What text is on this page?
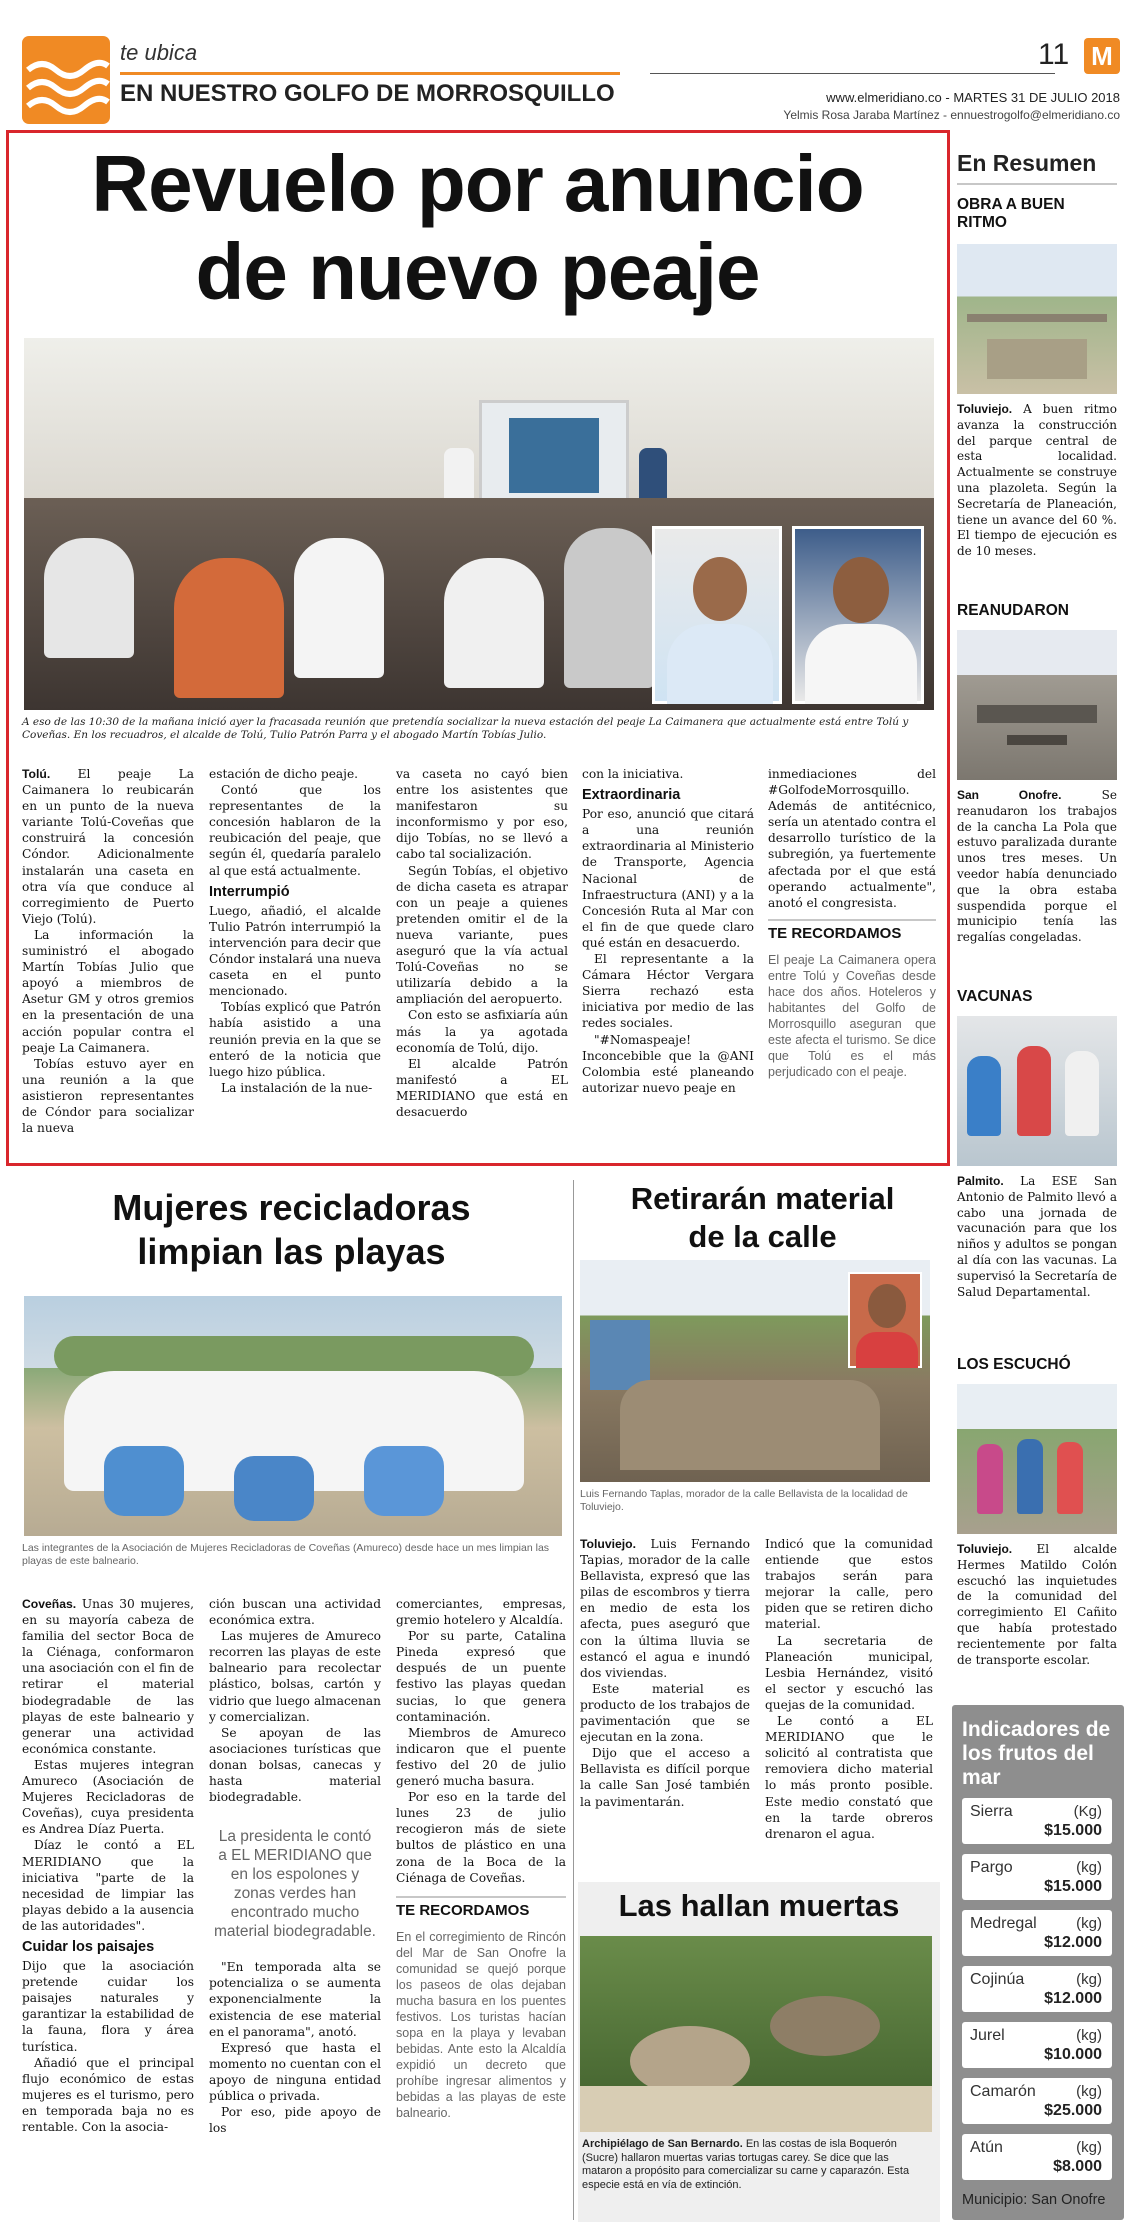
te ubica
EN NUESTRO GOLFO DE MORROSQUILLO
11 M
www.elmeridiano.co - MARTES 31 DE JULIO 2018
Yelmis Rosa Jaraba Martínez - ennuestrogolfo@elmeridiano.co
Revuelo por anuncio
de nuevo peaje
A eso de las 10:30 de la mañana inició ayer la fracasada reunión que pretendía socializar la nueva estación del peaje La Caimanera que actualmente está entre Tolú y Coveñas. En los recuadros, el alcalde de Tolú, Tulio Patrón Parra y el abogado Martín Tobías Julio.

Tolú. El peaje La Caimanera lo reubicarán en un punto de la nueva variante Tolú-Coveñas que construirá la concesión Cóndor. Adicionalmente instalarán una caseta en otra vía que conduce al corregimiento de Puerto Viejo (Tolú).

La información la suministró el abogado Martín Tobías Julio que apoyó a miembros de Asetur GM y otros gremios en la presentación de una acción popular contra el peaje La Caimanera.

Tobías estuvo ayer en una reunión a la que asistieron representantes de Cóndor para socializar la nueva

estación de dicho peaje.

Contó que los representantes de la concesión hablaron de la reubicación del peaje, que según él, quedaría paralelo al que está actualmente.

Interrumpió

Luego, añadió, el alcalde Tulio Patrón interrumpió la intervención para decir que Cóndor instalará una nueva caseta en el punto mencionado.

Tobías explicó que Patrón había asistido a una reunión previa en la que se enteró de la noticia que luego hizo pública.

La instalación de la nue-

va caseta no cayó bien entre los asistentes que manifestaron su inconformismo y por eso, dijo Tobías, no se llevó a cabo tal socialización.

Según Tobías, el objetivo de dicha caseta es atrapar con un peaje a quienes pretenden omitir el de la nueva variante, pues aseguró que la vía actual Tolú-Coveñas no se utilizaría debido a la ampliación del aeropuerto.

Con esto se asfixiaría aún más la ya agotada economía de Tolú, dijo.

El alcalde Patrón manifestó a EL MERIDIANO que está en desacuerdo

con la iniciativa.

Extraordinaria

Por eso, anunció que citará a una reunión extraordinaria al Ministerio de Transporte, Agencia Nacional de Infraestructura (ANI) y a la Concesión Ruta al Mar con el fin de que quede claro qué están en desacuerdo.

El representante a la Cámara Héctor Vergara Sierra rechazó esta iniciativa por medio de las redes sociales.

"#Nomaspeaje! Inconcebible que la @ANI Colombia esté planeando autorizar nuevo peaje en

inmediaciones del #GolfodeMorrosquillo. Además de antitécnico, sería un atentado contra el desarrollo turístico de la subregión, ya fuertemente afectada por el que está operando actualmente", anotó el congresista.

TE RECORDAMOS
El peaje La Caimanera opera entre Tolú y Coveñas desde hace dos años. Hoteleros y habitantes del Golfo de Morrosquillo aseguran que este afecta el turismo. Se dice que Tolú es el más perjudicado con el peaje.
En Resumen
OBRA A BUEN RITMO
Toluviejo. A buen ritmo avanza la construcción del parque central de esta localidad. Actualmente se construye una plazoleta. Según la Secretaría de Planeación, tiene un avance del 60 %. El tiempo de ejecución es de 10 meses.
REANUDARON
San Onofre. Se reanudaron los trabajos de la cancha La Pola que estuvo paralizada durante unos tres meses. Un veedor había denunciado que la obra estaba suspendida porque el municipio tenía las regalías congeladas.
VACUNAS
Palmito. La ESE San Antonio de Palmito llevó a cabo una jornada de vacunación para que los niños y adultos se pongan al día con las vacunas. La supervisó la Secretaría de Salud Departamental.
LOS ESCUCHÓ
Toluviejo. El alcalde Hermes Matildo Colón escuchó las inquietudes de la comunidad del corregimiento El Cañito que había protestado recientemente por falta de transporte escolar.
Indicadores de los frutos del mar
Sierra	(Kg)
$15.000
Pargo	(kg)
$15.000
Medregal	(kg)
$12.000
Cojinúa	(kg)
$12.000
Jurel	(kg)
$10.000
Camarón	(kg)
$25.000
Atún	(kg)
$8.000
Municipio: San Onofre
Mujeres recicladoras
limpian las playas
Las integrantes de la Asociación de Mujeres Recicladoras de Coveñas (Amureco) desde hace un mes limpian las playas de este balneario.

Coveñas. Unas 30 mujeres, en su mayoría cabeza de familia del sector Boca de la Ciénaga, conformaron una asociación con el fin de retirar el material biodegradable de las playas de este balneario y generar una actividad económica constante.

Estas mujeres integran Amureco (Asociación de Mujeres Recicladoras de Coveñas), cuya presidenta es Andrea Díaz Puerta.

Díaz le contó a EL MERIDIANO que la iniciativa "parte de la necesidad de limpiar las playas debido a la ausencia de las autoridades".

Cuidar los paisajes

Dijo que la asociación pretende cuidar los paisajes naturales y garantizar la estabilidad de la fauna, flora y área turística.

Añadió que el principal flujo económico de estas mujeres es el turismo, pero en temporada baja no es rentable. Con la asocia-

ción buscan una actividad económica extra.

Las mujeres de Amureco recorren las playas de este balneario para recolectar plástico, bolsas, cartón y vidrio que luego almacenan y comercializan.

Se apoyan de las asociaciones turísticas que donan bolsas, canecas y hasta material biodegradable.

La presidenta le contó a EL MERIDIANO que en los espolones y zonas verdes han encontrado mucho material biodegradable.

"En temporada alta se potencializa o se aumenta exponencialmente la existencia de ese material en el panorama", anotó.

Expresó que hasta el momento no cuentan con el apoyo de ninguna entidad pública o privada.

Por eso, pide apoyo de los

comerciantes, empresas, gremio hotelero y Alcaldía.

Por su parte, Catalina Pineda expresó que después de un puente festivo las playas quedan sucias, lo que genera contaminación.

Miembros de Amureco indicaron que el puente festivo del 20 de julio generó mucha basura.

Por eso en la tarde del lunes 23 de julio recogieron más de siete bultos de plástico en una zona de la Boca de la Ciénaga de Coveñas.

TE RECORDAMOS
En el corregimiento de Rincón del Mar de San Onofre la comunidad se quejó porque los paseos de olas dejaban mucha basura en los puentes festivos. Los turistas hacían sopa en la playa y levaban bebidas. Ante esto la Alcaldía expidió un decreto que prohíbe ingresar alimentos y bebidas a las playas de este balneario.
Retirarán material
de la calle
Luis Fernando Taplas, morador de la calle Bellavista de la localidad de Toluviejo.

Toluviejo. Luis Fernando Tapias, morador de la calle Bellavista, expresó que las pilas de escombros y tierra en medio de esta los afecta, pues aseguró que con la última lluvia se estancó el agua e inundó dos viviendas.

Este material es producto de los trabajos de pavimentación que se ejecutan en la zona.

Dijo que el acceso a Bellavista es difícil porque la calle San José también la pavimentarán.

Indicó que la comunidad entiende que estos trabajos serán para mejorar la calle, pero piden que se retiren dicho material.

La secretaria de Planeación municipal, Lesbia Hernández, visitó el sector y escuchó las quejas de la comunidad.

Le contó a EL MERIDIANO que le solicitó al contratista que removiera dicho material lo más pronto posible. Este medio constató que en la tarde obreros drenaron el agua.

Las hallan muertas
Archipiélago de San Bernardo. En las costas de isla Boquerón (Sucre) hallaron muertas varias tortugas carey. Se dice que las mataron a propósito para comercializar su carne y caparazón. Esta especie está en vía de extinción.
